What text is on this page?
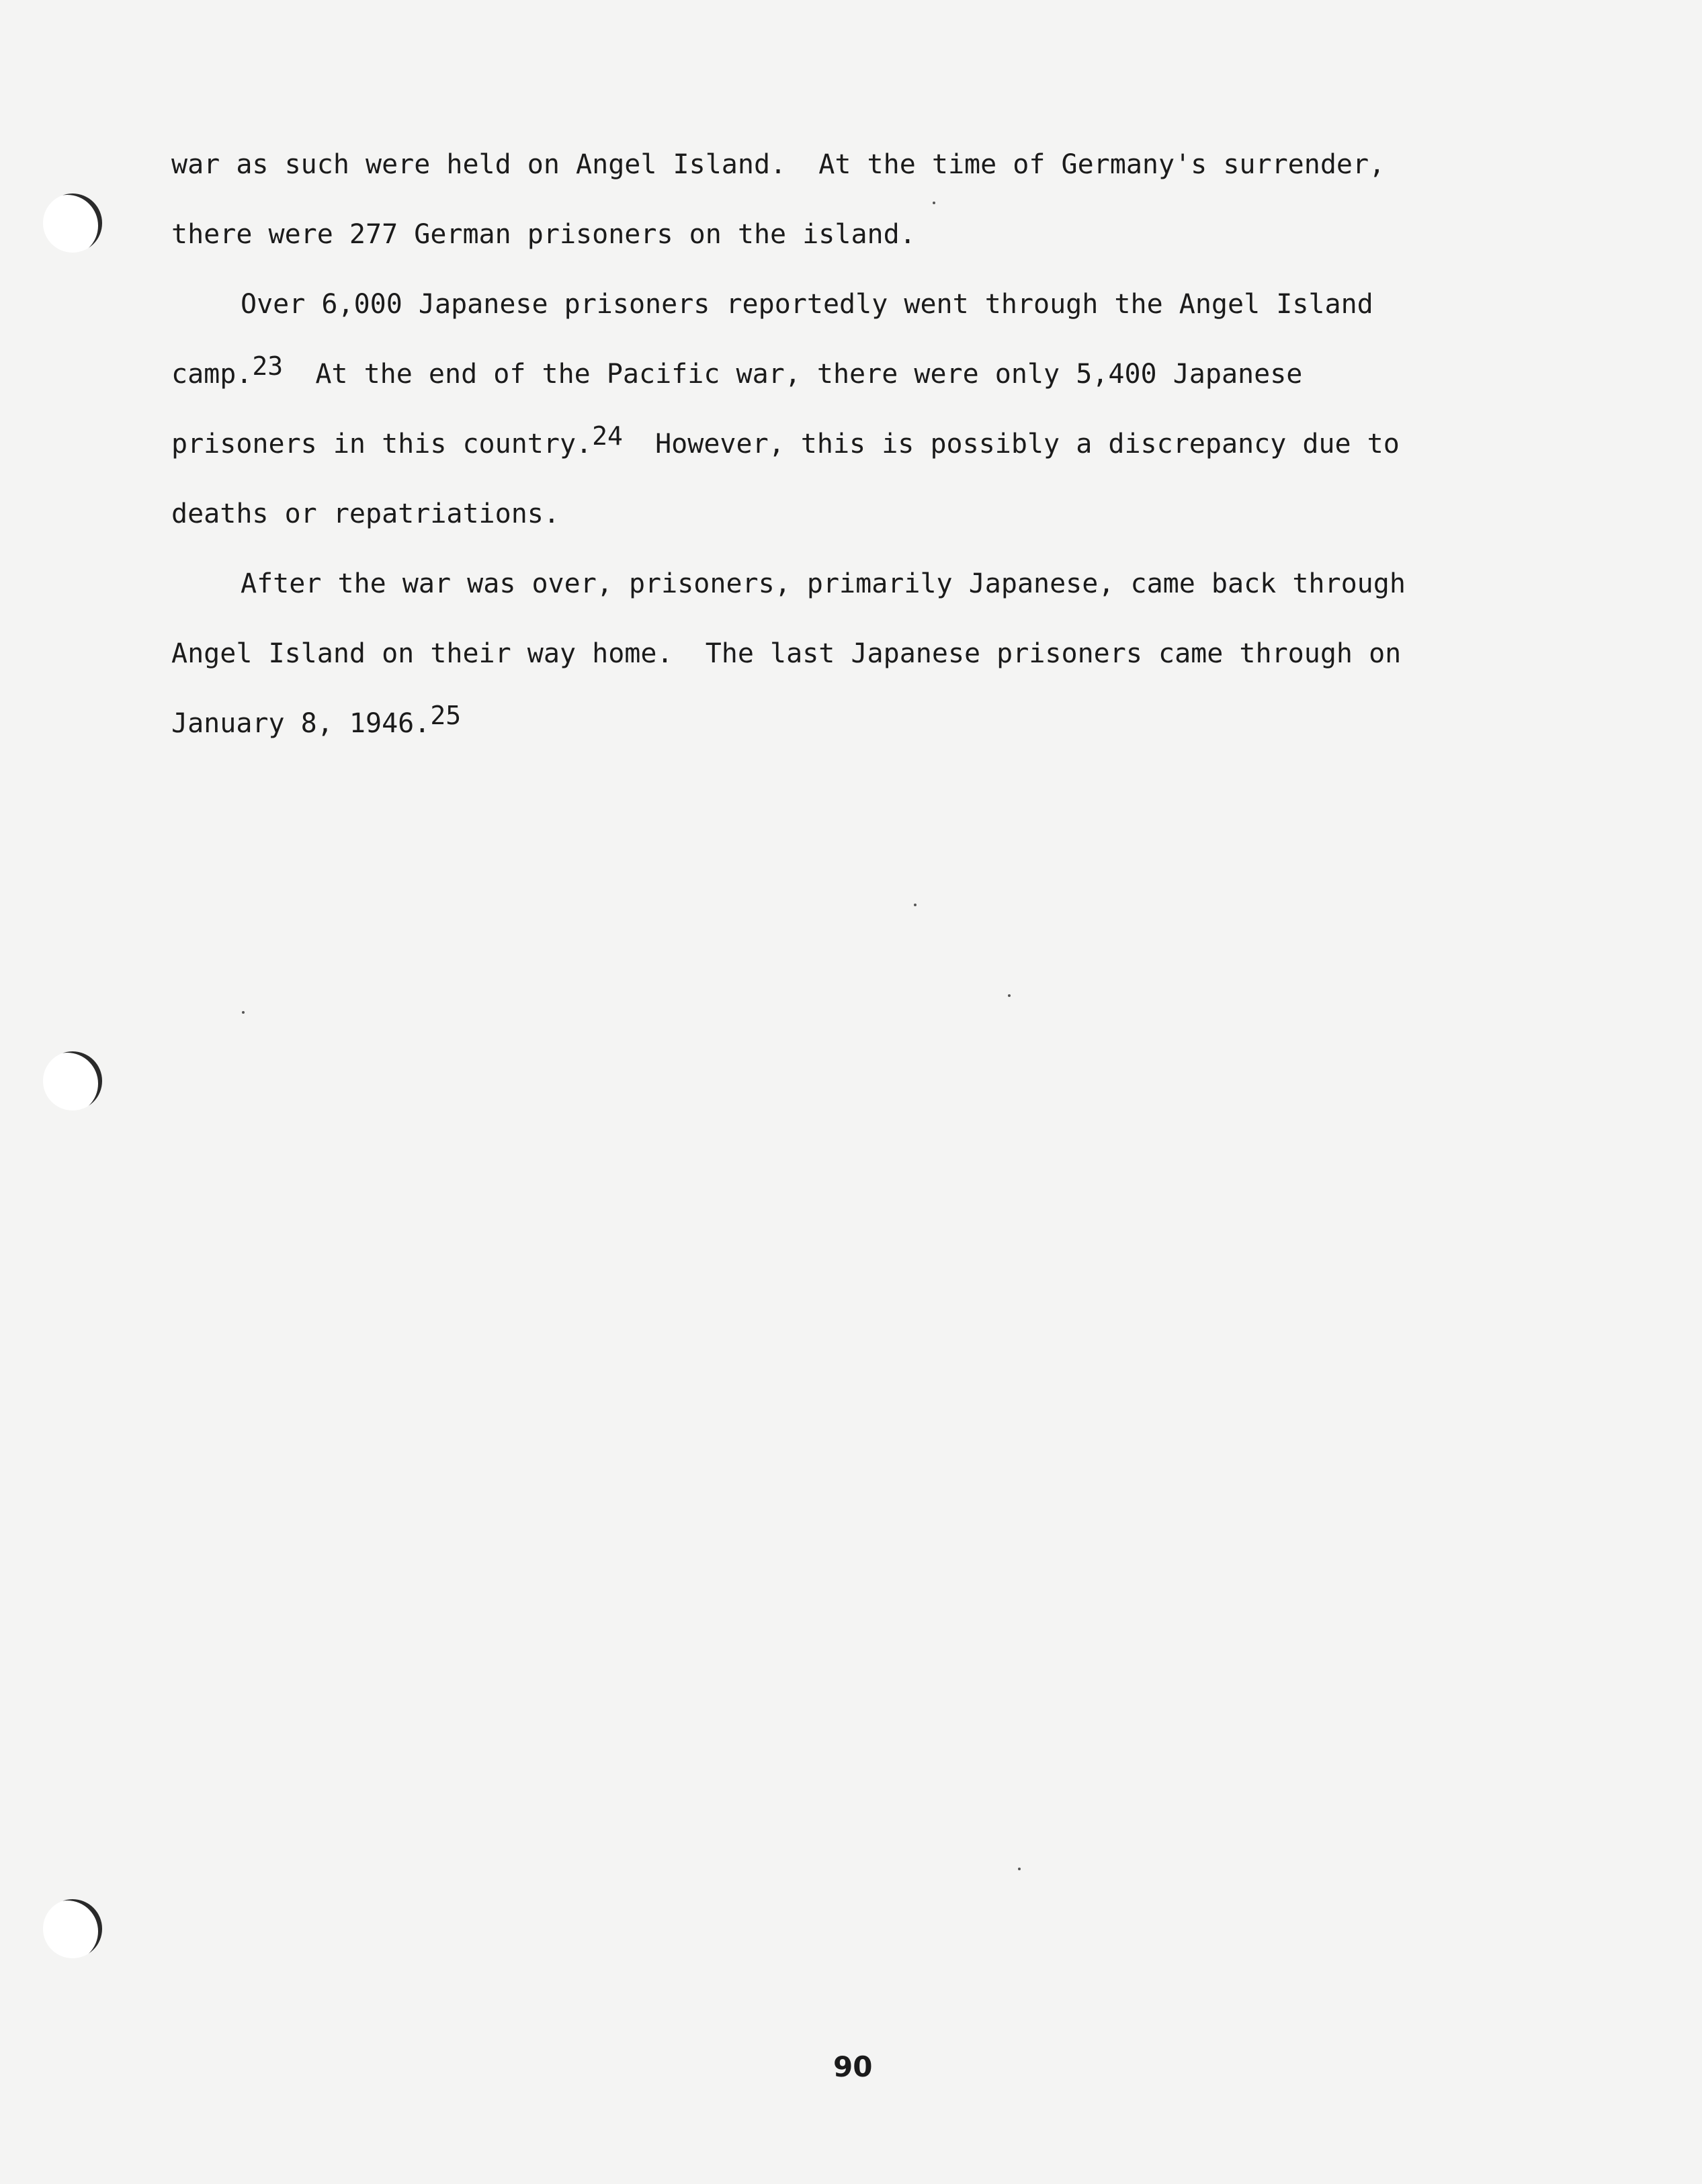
war as such were held on Angel Island.  At the time of Germany's surrender,
there were 277 German prisoners on the island.
Over 6,000 Japanese prisoners reportedly went through the Angel Island
camp.$^{23}$  At the end of the Pacific war, there were only 5,400 Japanese
prisoners in this country.$^{24}$  However, this is possibly a discrepancy due to
deaths or repatriations.
After the war was over, prisoners, primarily Japanese, came back through
Angel Island on their way home.  The last Japanese prisoners came through on
January 8, 1946.25
90
